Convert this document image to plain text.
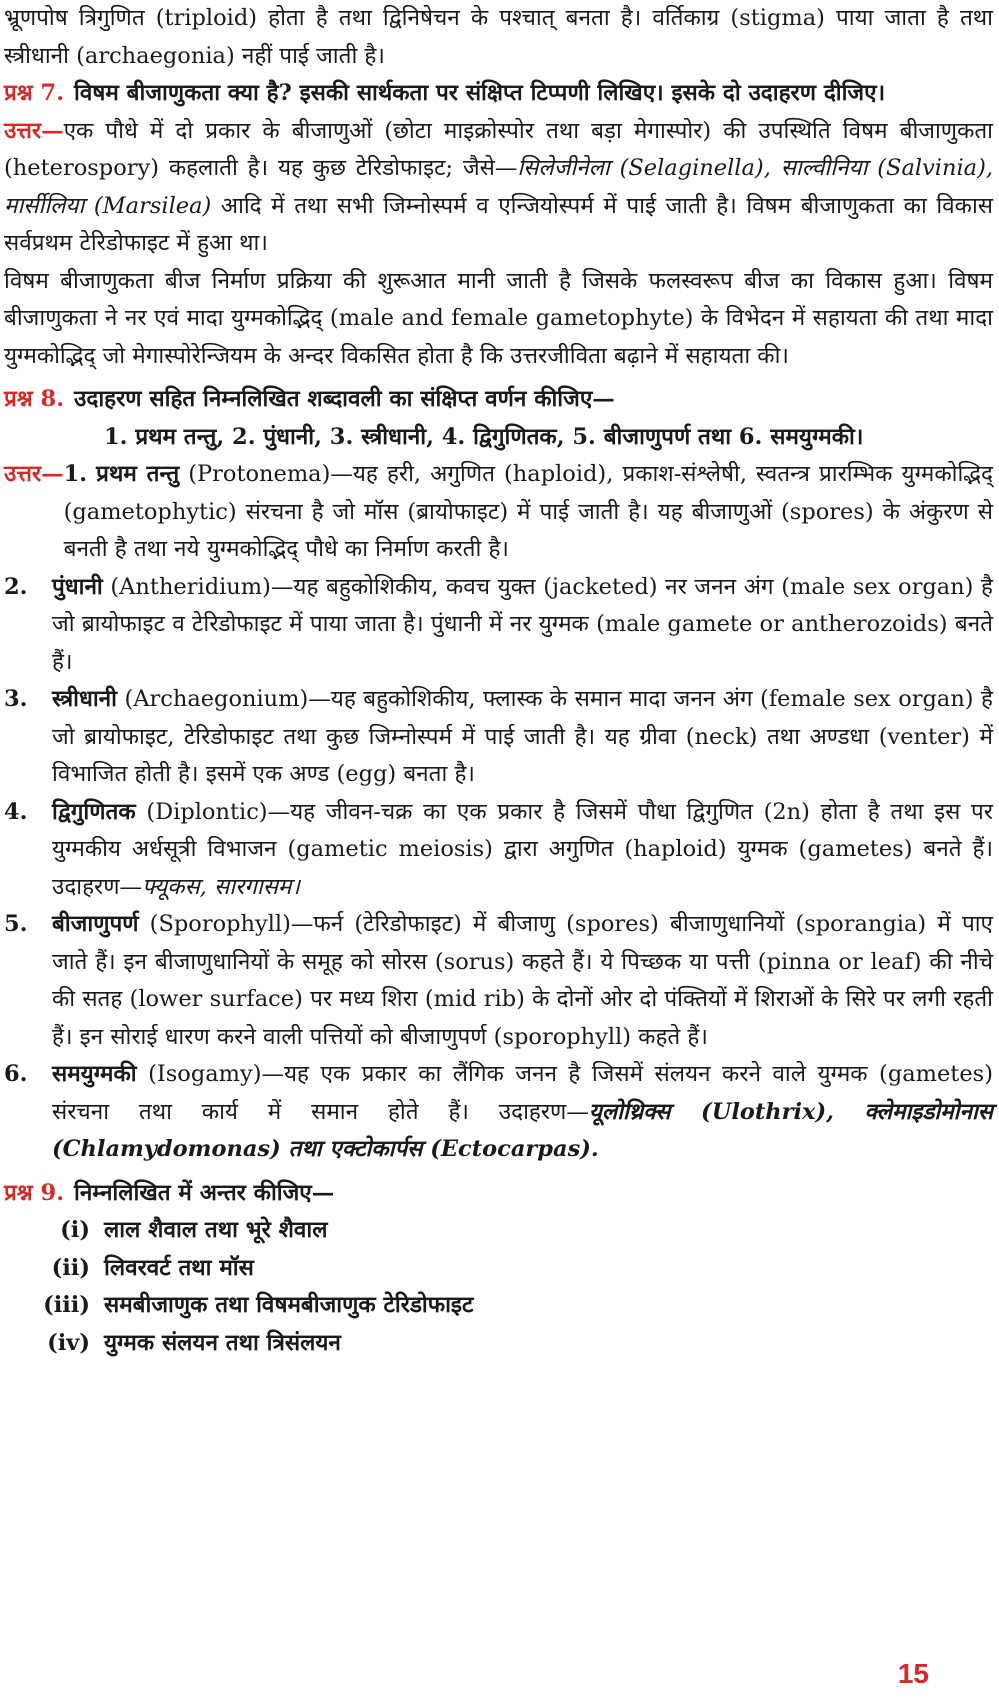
भ्रूणपोष त्रिगुणित (triploid) होता है तथा द्विनिषेचन के पश्चात् बनता है। वर्तिकाग्र (stigma) पाया जाता है तथा स्त्रीधानी (archaegonia) नहीं पाई जाती है।

प्रश्न 7. विषम बीजाणुकता क्या है? इसकी सार्थकता पर संक्षिप्त टिप्पणी लिखिए। इसके दो उदाहरण दीजिए।

उत्तर—एक पौधे में दो प्रकार के बीजाणुओं (छोटा माइक्रोस्पोर तथा बड़ा मेगास्पोर) की उपस्थिति विषम बीजाणुकता (heterospory) कहलाती है। यह कुछ टेरिडोफाइट; जैसे—सिलेजीनेला (Selaginella), साल्वीनिया (Salvinia), मार्सीलिया (Marsilea) आदि में तथा सभी जिम्नोस्पर्म व एन्जियोस्पर्म में पाई जाती है। विषम बीजाणुकता का विकास सर्वप्रथम टेरिडोफाइट में हुआ था।

विषम बीजाणुकता बीज निर्माण प्रक्रिया की शुरूआत मानी जाती है जिसके फलस्वरूप बीज का विकास हुआ। विषम बीजाणुकता ने नर एवं मादा युग्मकोद्भिद् (male and female gametophyte) के विभेदन में सहायता की तथा मादा युग्मकोद्भिद् जो मेगास्पोरेन्जियम के अन्दर विकसित होता है कि उत्तरजीविता बढ़ाने में सहायता की।

प्रश्न 8. उदाहरण सहित निम्नलिखित शब्दावली का संक्षिप्त वर्णन कीजिए—

1. प्रथम तन्तु, 2. पुंधानी, 3. स्त्रीधानी, 4. द्विगुणितक, 5. बीजाणुपर्ण तथा 6. समयुग्मकी।

उत्तर— 1. प्रथम तन्तु (Protonema)—यह हरी, अगुणित (haploid), प्रकाश-संश्लेषी, स्वतन्त्र प्रारम्भिक युग्मकोद्भिद् (gametophytic) संरचना है जो मॉस (ब्रायोफाइट) में पाई जाती है। यह बीजाणुओं (spores) के अंकुरण से बनती है तथा नये युग्मकोद्भिद् पौधे का निर्माण करती है।
2.	पुंधानी (Antheridium)—यह बहुकोशिकीय, कवच युक्त (jacketed) नर जनन अंग (male sex organ) है जो ब्रायोफाइट व टेरिडोफाइट में पाया जाता है। पुंधानी में नर युग्मक (male gamete or antherozoids) बनते हैं।
3.	स्त्रीधानी (Archaegonium)—यह बहुकोशिकीय, फ्लास्क के समान मादा जनन अंग (female sex organ) है जो ब्रायोफाइट, टेरिडोफाइट तथा कुछ जिम्नोस्पर्म में पाई जाती है। यह ग्रीवा (neck) तथा अण्डधा (venter) में विभाजित होती है। इसमें एक अण्ड (egg) बनता है।
4.	द्विगुणितक (Diplontic)—यह जीवन-चक्र का एक प्रकार है जिसमें पौधा द्विगुणित (2n) होता है तथा इस पर युग्मकीय अर्धसूत्री विभाजन (gametic meiosis) द्वारा अगुणित (haploid) युग्मक (gametes) बनते हैं। उदाहरण—फ्यूकस, सारगासम।
5.	बीजाणुपर्ण (Sporophyll)—फर्न (टेरिडोफाइट) में बीजाणु (spores) बीजाणुधानियों (sporangia) में पाए जाते हैं। इन बीजाणुधानियों के समूह को सोरस (sorus) कहते हैं। ये पिच्छक या पत्ती (pinna or leaf) की नीचे की सतह (lower surface) पर मध्य शिरा (mid rib) के दोनों ओर दो पंक्तियों में शिराओं के सिरे पर लगी रहती हैं। इन सोराई धारण करने वाली पत्तियों को बीजाणुपर्ण (sporophyll) कहते हैं।
6.	समयुग्मकी (Isogamy)—यह एक प्रकार का लैंगिक जनन है जिसमें संलयन करने वाले युग्मक (gametes) संरचना तथा कार्य में समान होते हैं। उदाहरण—यूलोथ्रिक्स (Ulothrix), क्लेमाइडोमोनास (Chlamydomonas) तथा एक्टोकार्पस (Ectocarpas).
प्रश्न 9. निम्नलिखित में अन्तर कीजिए—
(i) लाल शैवाल तथा भूरे शैवाल
(ii) लिवरवर्ट तथा मॉस
(iii) समबीजाणुक तथा विषमबीजाणुक टेरिडोफाइट
(iv) युग्मक संलयन तथा त्रिसंलयन
15
